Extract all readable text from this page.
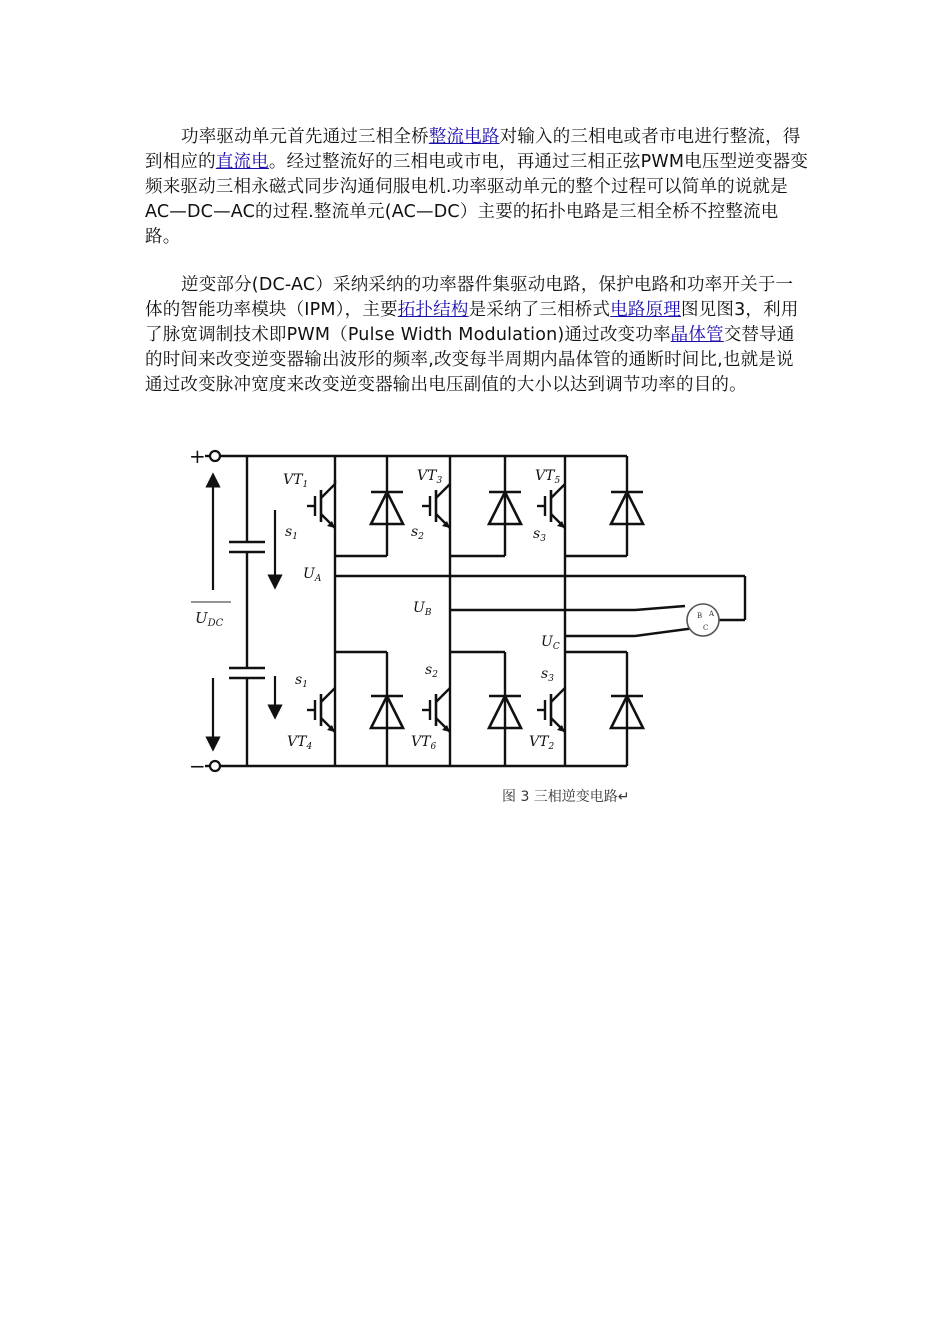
功率驱动单元首先通过三相全桥整流电路对输入的三相电或者市电进行整流，得到相应的直流电。经过整流好的三相电或市电，再通过三相正弦PWM电压型逆变器变频来驱动三相永磁式同步沟通伺服电机.功率驱动单元的整个过程可以简单的说就是AC—DC—AC的过程.整流单元(AC—DC）主要的拓扑电路是三相全桥不控整流电路。

逆变部分(DC-AC）采纳采纳的功率器件集驱动电路，保护电路和功率开关于一体的智能功率模块（IPM），主要拓扑结构是采纳了三相桥式电路原理图见图3，利用了脉宽调制技术即PWM（Pulse Width Modulation)通过改变功率晶体管交替导通的时间来改变逆变器输出波形的频率,改变每半周期内晶体管的通断时间比,也就是说通过改变脉冲宽度来改变逆变器输出电压副值的大小以达到调节功率的目的。

+
−
$U_{DC}$
$VT_1$
$VT_3$	$VT_5$
$VT_4$	$VT_6$	$VT_2$
$s_1$	$s_2$	$s_3$
$s_1$
$s_2$	$s_3$
$U_A$
$U_B$
$U_C$
B A
C
图 3 三相逆变电路↵
